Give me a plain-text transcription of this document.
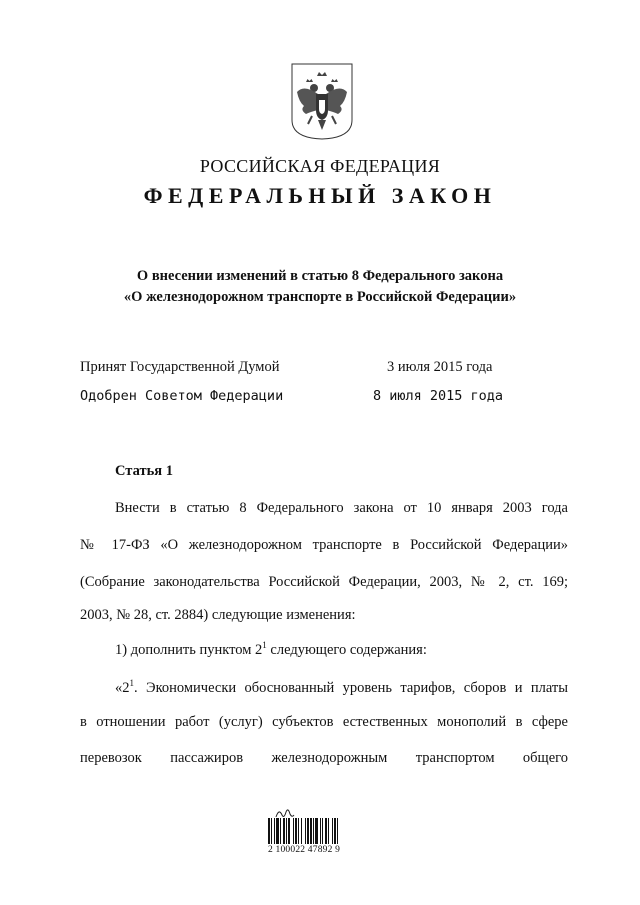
РОССИЙСКАЯ ФЕДЕРАЦИЯ
ФЕДЕРАЛЬНЫЙ ЗАКОН
О внесении изменений в статью 8 Федерального закона
«О железнодорожном транспорте в Российской Федерации»
Принят Государственной Думой	3 июля 2015 года
Одобрен Советом Федерации	8 июля 2015 года
Статья 1
Внести в статью 8 Федерального закона от 10 января 2003 года
№ 17-ФЗ «О железнодорожном транспорте в Российской Федерации»
(Собрание законодательства Российской Федерации, 2003, № 2, ст. 169;
2003, № 28, ст. 2884) следующие изменения:
1) дополнить пунктом $2^1$ следующего содержания:
«$2^1$. Экономически обоснованный уровень тарифов, сборов и платы
в отношении работ (услуг) субъектов естественных монополий в сфере
перевозок пассажиров железнодорожным транспортом общего
2 100022 47892 9
